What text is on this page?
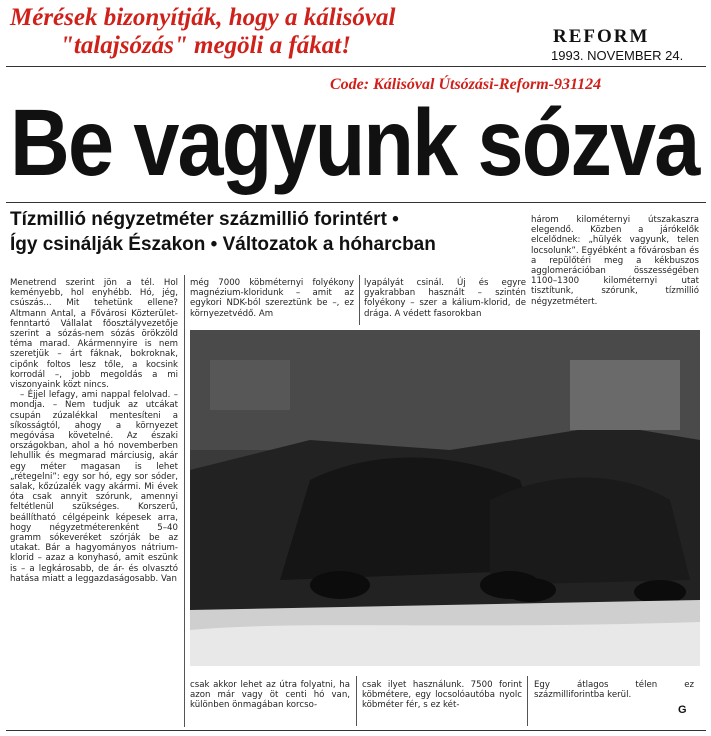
Mérések bizonyítják, hogy a kálisóval
"talajsózás" megöli a fákat!	REFORM
1993. NOVEMBER 24.
Code: Kálisóval Útsózási-Reform-931124
Be vagyunk sózva
Tízmillió négyzetméter százmillió forintért •
Így csinálják Északon • Változatok a hóharcban

három kilométernyi útszakaszra elegendő. Közben a járókelők elcelődnek: „hülyék vagyunk, telen locsolunk”. Egyébként a fővárosban és a repülőtéri meg a kékbuszos agglomerációban összességében 1100–1300 kilométernyi utat tisztítunk, szórunk, tízmillió négyzetmétert.

Menetrend szerint jön a tél. Hol keményebb, hol enyhébb. Hó, jég, csúszás... Mit tehetünk ellene? Altmann Antal, a Fővárosi Közterület-fenntartó Vállalat főosztályvezetője szerint a sózás-nem sózás örökzöld téma marad. Akármennyire is nem szeretjük – árt fáknak, bokroknak, cipőnk foltos lesz tőle, a kocsink korrodál –, jobb megoldás a mi viszonyaink közt nincs.

– Éjjel lefagy, ami nappal felolvad. – mondja. – Nem tudjuk az utcákat csupán zúzalékkal mentesíteni a síkosságtól, ahogy a környezet megóvása követelné. Az északi országokban, ahol a hó novemberben lehullik és megmarad márciusig, akár egy méter magasan is lehet „rétegelni”: egy sor hó, egy sor sóder, salak, kőzúzalék vagy akármi. Mi évek óta csak annyit szórunk, amennyi feltétlenül szükséges. Korszerű, beállítható célgépeink képesek arra, hogy négyzetméterenként 5–40 gramm sókeveréket szórják be az utakat. Bár a hagyományos nátrium-klorid – azaz a konyhasó, amit eszünk is – a legkárosabb, de ár- és olvasztó hatása miatt a leggazdaságosabb. Van

még 7000 köbméternyi folyékony magnézium-kloridunk – amit az egykori NDK-ból szereztünk be –, ez környezetvédő. Am

lyapályát csinál. Új és egyre gyakrabban használt – szintén folyékony – szer a kálium-klorid, de drága. A védett fasorokban

csak akkor lehet az útra folyatni, ha azon már vagy öt centi hó van, különben önmagában korcso-

csak ilyet használunk. 7500 forint köbmétere, egy locsolóautóba nyolc köbméter fér, s ez két-

Egy átlagos télen ez százmilliforintba kerül.

G
